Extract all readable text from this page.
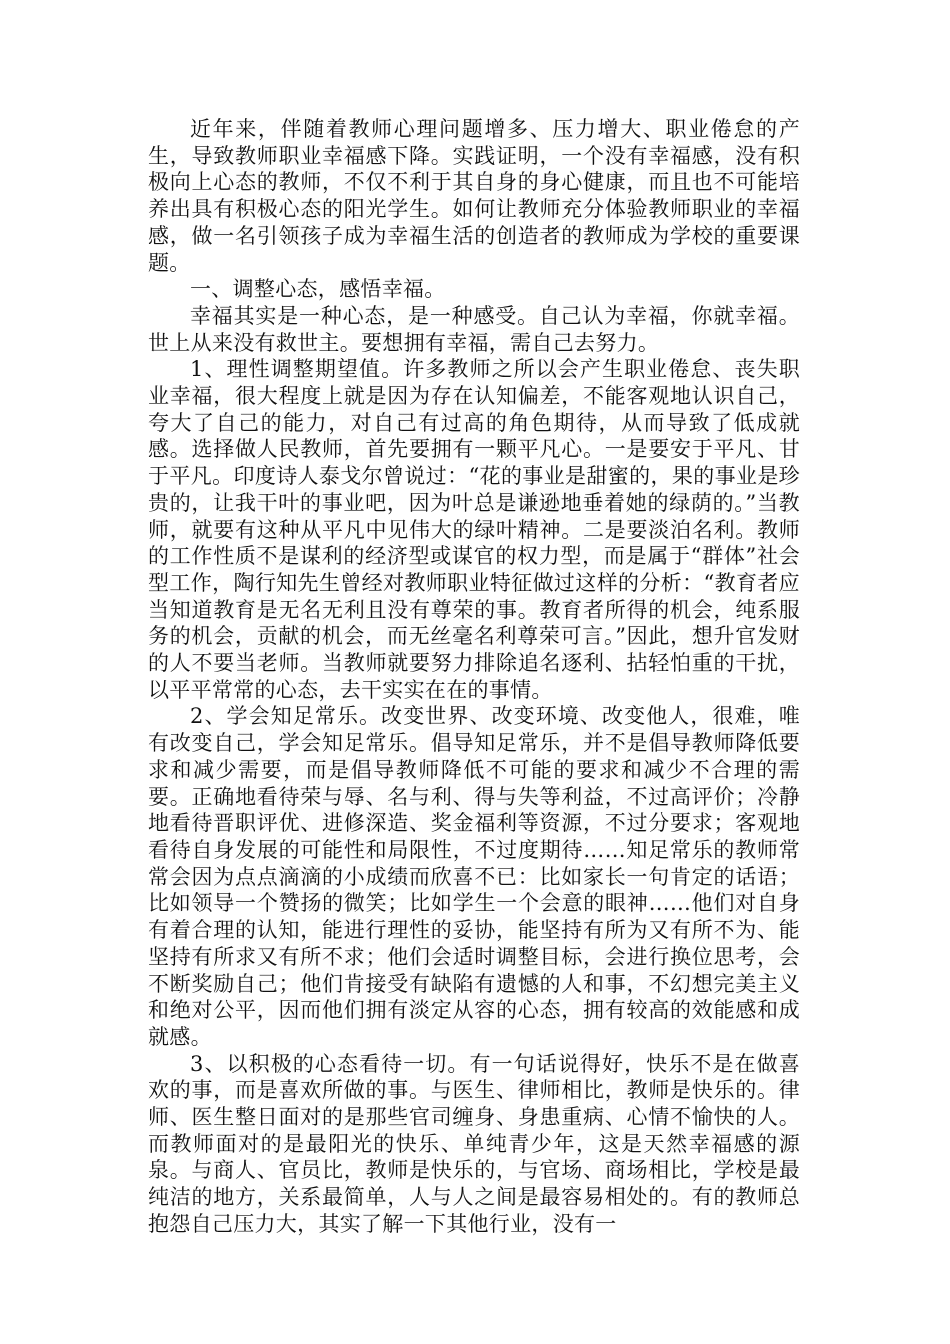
近年来，伴随着教师心理问题增多、压力增大、职业倦怠的产生，导致教师职业幸福感下降。实践证明，一个没有幸福感，没有积极向上心态的教师，不仅不利于其自身的身心健康，而且也不可能培养出具有积极心态的阳光学生。如何让教师充分体验教师职业的幸福感，做一名引领孩子成为幸福生活的创造者的教师成为学校的重要课题。

一、调整心态，感悟幸福。

幸福其实是一种心态，是一种感受。自己认为幸福，你就幸福。世上从来没有救世主。要想拥有幸福，需自己去努力。

1、理性调整期望值。许多教师之所以会产生职业倦怠、丧失职业幸福，很大程度上就是因为存在认知偏差，不能客观地认识自己，夸大了自己的能力，对自己有过高的角色期待，从而导致了低成就感。选择做人民教师，首先要拥有一颗平凡心。一是要安于平凡、甘于平凡。印度诗人泰戈尔曾说过：“花的事业是甜蜜的，果的事业是珍贵的，让我干叶的事业吧，因为叶总是谦逊地垂着她的绿荫的。”当教师，就要有这种从平凡中见伟大的绿叶精神。二是要淡泊名利。教师的工作性质不是谋利的经济型或谋官的权力型，而是属于“群体”社会型工作，陶行知先生曾经对教师职业特征做过这样的分析：“教育者应当知道教育是无名无利且没有尊荣的事。教育者所得的机会，纯系服务的机会，贡献的机会，而无丝毫名利尊荣可言。”因此，想升官发财的人不要当老师。当教师就要努力排除追名逐利、拈轻怕重的干扰，以平平常常的心态，去干实实在在的事情。

2、学会知足常乐。改变世界、改变环境、改变他人，很难，唯有改变自己，学会知足常乐。倡导知足常乐，并不是倡导教师降低要求和减少需要，而是倡导教师降低不可能的要求和减少不合理的需要。正确地看待荣与辱、名与利、得与失等利益，不过高评价；冷静地看待晋职评优、进修深造、奖金福利等资源，不过分要求；客观地看待自身发展的可能性和局限性，不过度期待……知足常乐的教师常常会因为点点滴滴的小成绩而欣喜不已：比如家长一句肯定的话语；比如领导一个赞扬的微笑；比如学生一个会意的眼神……他们对自身有着合理的认知，能进行理性的妥协，能坚持有所为又有所不为、能坚持有所求又有所不求；他们会适时调整目标，会进行换位思考，会不断奖励自己；他们肯接受有缺陷有遗憾的人和事，不幻想完美主义和绝对公平，因而他们拥有淡定从容的心态，拥有较高的效能感和成就感。

3、以积极的心态看待一切。有一句话说得好，快乐不是在做喜欢的事，而是喜欢所做的事。与医生、律师相比，教师是快乐的。律师、医生整日面对的是那些官司缠身、身患重病、心情不愉快的人。而教师面对的是最阳光的快乐、单纯青少年，这是天然幸福感的源泉。与商人、官员比，教师是快乐的，与官场、商场相比，学校是最纯洁的地方，关系最简单，人与人之间是最容易相处的。有的教师总抱怨自己压力大，其实了解一下其他行业，没有一
